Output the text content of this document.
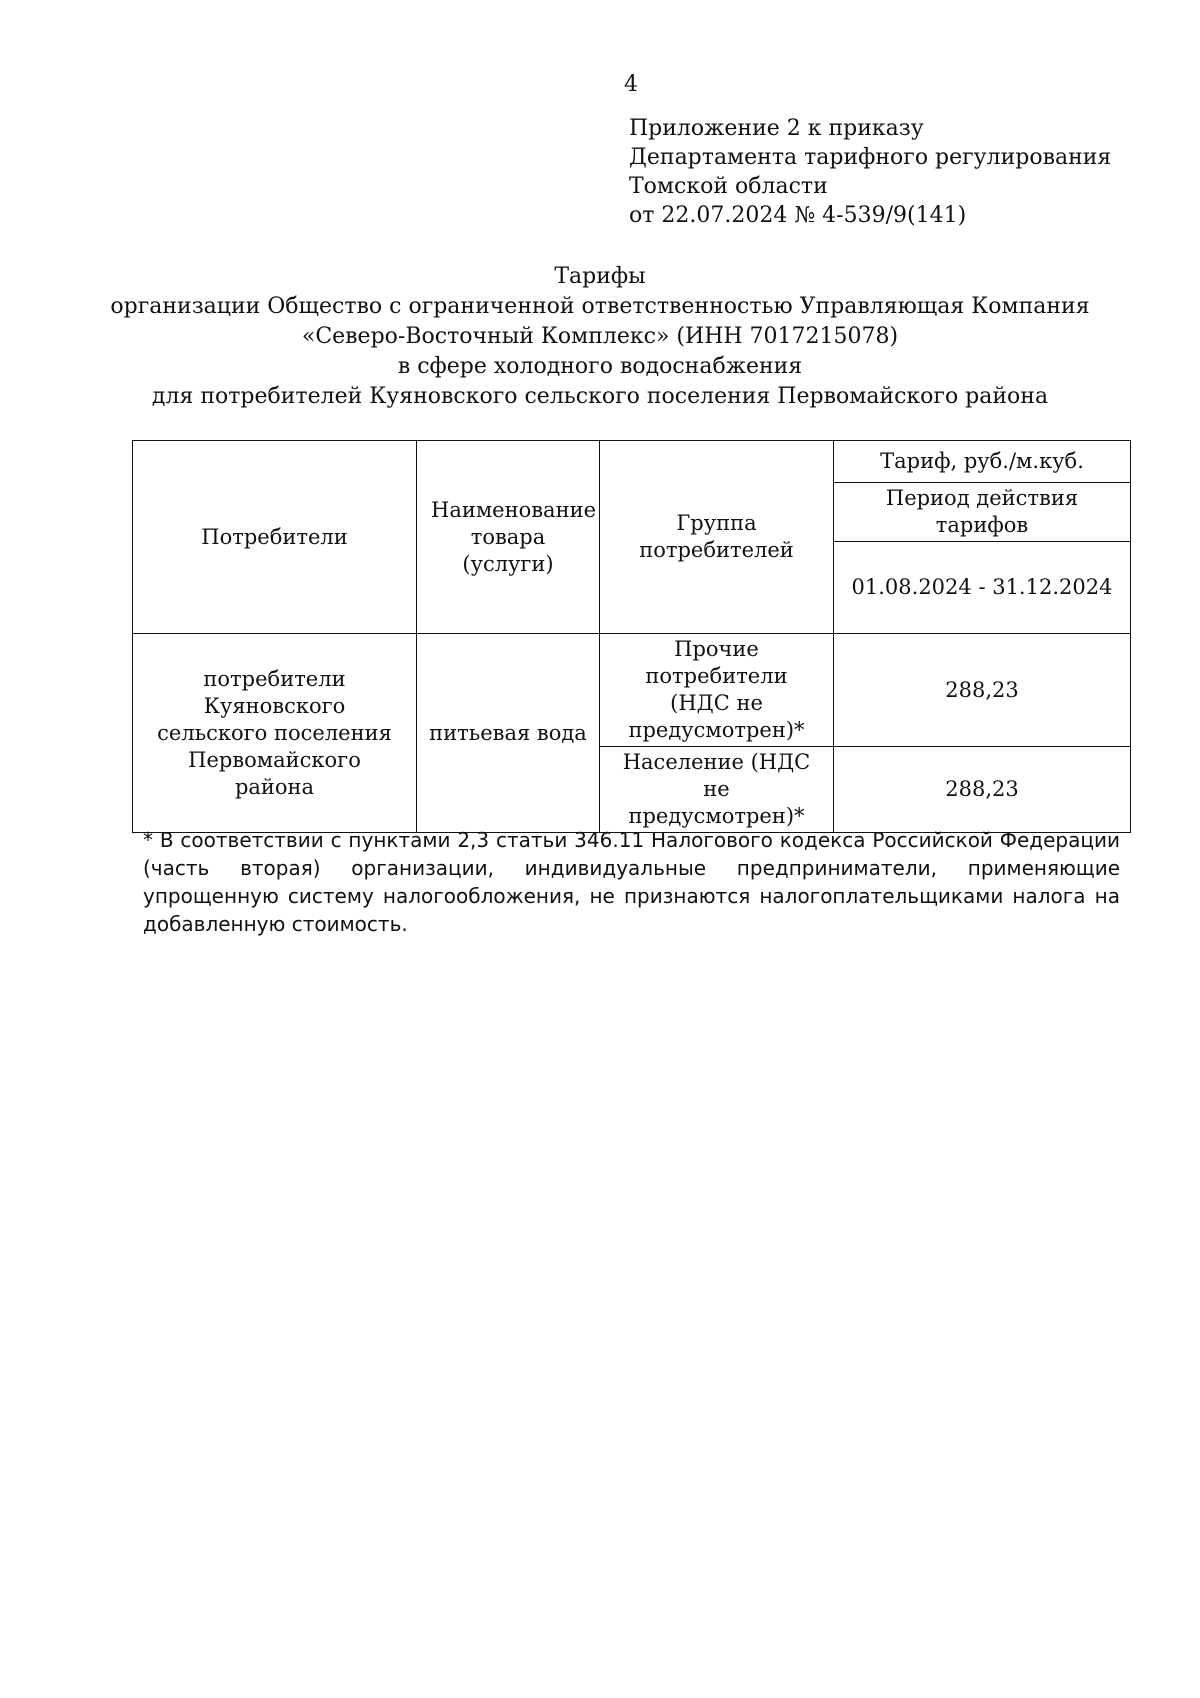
4
Приложение 2 к приказу
Департамента тарифного регулирования
Томской области
от 22.07.2024 № 4-539/9(141)
Тарифы
организации Общество с ограниченной ответственностью Управляющая Компания
«Северо-Восточный Комплекс» (ИНН 7017215078)
в сфере холодного водоснабжения
для потребителей Куяновского сельского поселения Первомайского района
Потребители	Наименование товара (услуги)	Группа потребителей	Тариф, руб./м.куб.
			Период действия тарифов
			01.08.2024 - 31.12.2024
потребители Куяновского сельского поселения Первомайского района	питьевая вода	Прочие потребители (НДС не предусмотрен)*	288,23
		Население (НДС не предусмотрен)*	288,23
* В соответствии с пунктами 2,3 статьи 346.11 Налогового кодекса Российской Федерации (часть вторая) организации, индивидуальные предприниматели, применяющие упрощенную систему налогообложения, не признаются налогоплательщиками налога на добавленную стоимость.
